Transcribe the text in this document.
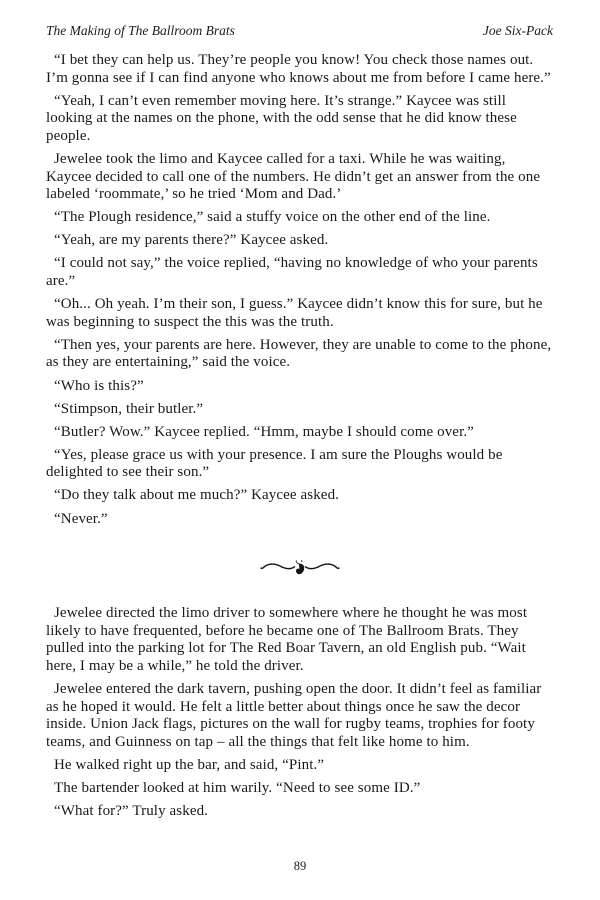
The Making of The Ballroom Brats	Joe Six-Pack

“I bet they can help us. They’re people you know! You check those names out. I’m gonna see if I can find anyone who knows about me from before I came here.”

“Yeah, I can’t even remember moving here. It’s strange.” Kaycee was still looking at the names on the phone, with the odd sense that he did know these people.

Jewelee took the limo and Kaycee called for a taxi. While he was waiting, Kaycee decided to call one of the numbers. He didn’t get an answer from the one labeled ‘roommate,’ so he tried ‘Mom and Dad.’

“The Plough residence,” said a stuffy voice on the other end of the line.

“Yeah, are my parents there?” Kaycee asked.

“I could not say,” the voice replied, “having no knowledge of who your parents are.”

“Oh... Oh yeah. I’m their son, I guess.” Kaycee didn’t know this for sure, but he was beginning to suspect the this was the truth.

“Then yes, your parents are here. However, they are unable to come to the phone, as they are entertaining,” said the voice.

“Who is this?”

“Stimpson, their butler.”

“Butler? Wow.” Kaycee replied. “Hmm, maybe I should come over.”

“Yes, please grace us with your presence. I am sure the Ploughs would be delighted to see their son.”

“Do they talk about me much?” Kaycee asked.

“Never.”

Jewelee directed the limo driver to somewhere where he thought he was most likely to have frequented, before he became one of The Ballroom Brats. They pulled into the parking lot for The Red Boar Tavern, an old English pub. “Wait here, I may be a while,” he told the driver.

Jewelee entered the dark tavern, pushing open the door. It didn’t feel as familiar as he hoped it would. He felt a little better about things once he saw the decor inside. Union Jack flags, pictures on the wall for rugby teams, trophies for footy teams, and Guinness on tap – all the things that felt like home to him.

He walked right up the bar, and said, “Pint.”

The bartender looked at him warily. “Need to see some ID.”

“What for?” Truly asked.

89
